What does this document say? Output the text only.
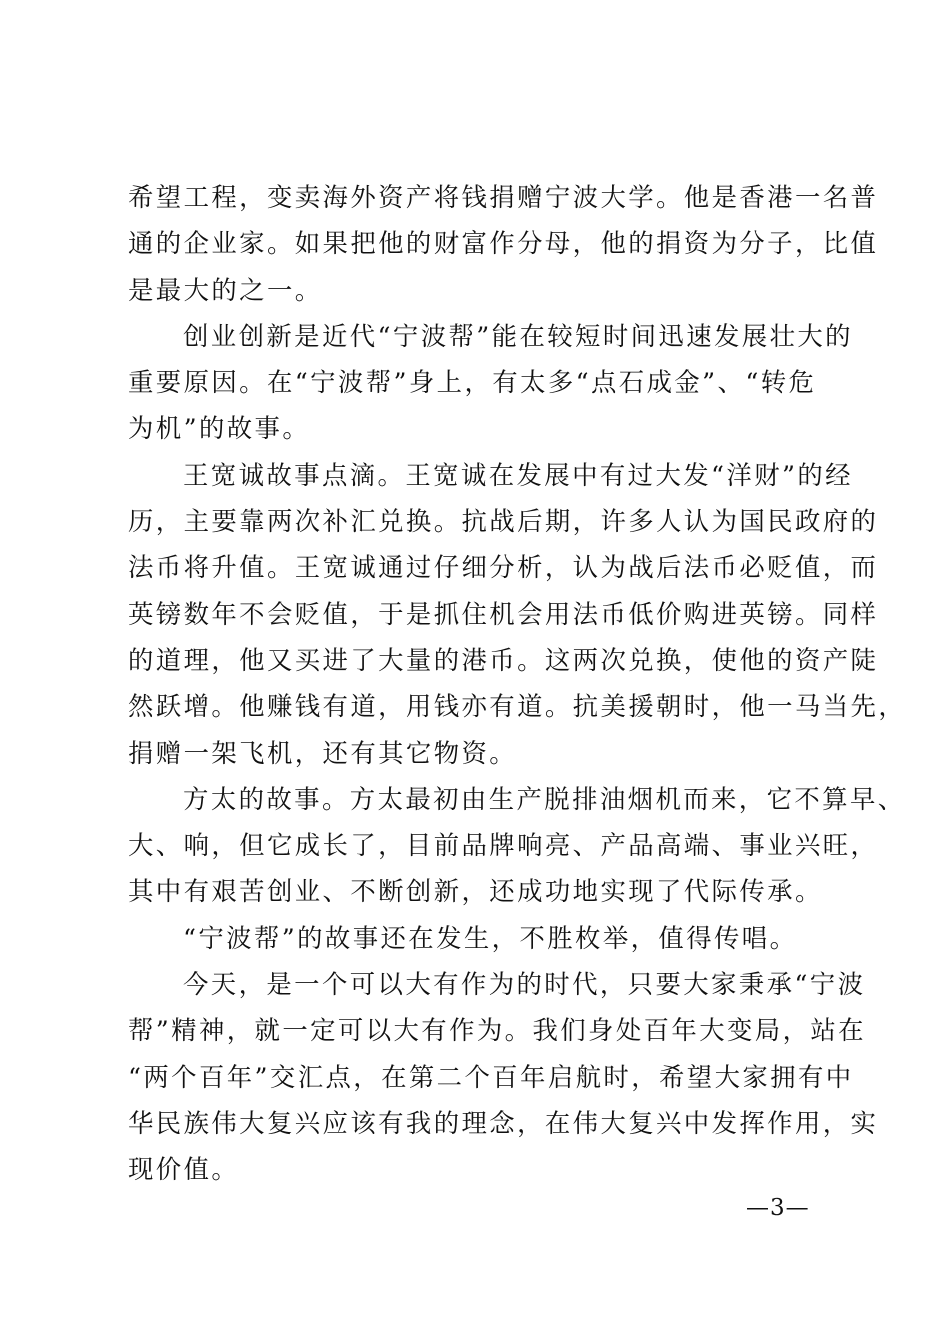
希望工程，变卖海外资产将钱捐赠宁波大学。他是香港一名普
通的企业家。如果把他的财富作分母，他的捐资为分子，比值
是最大的之一。
创业创新是近代“宁波帮”能在较短时间迅速发展壮大的
重要原因。在“宁波帮”身上，有太多“点石成金”、“转危
为机”的故事。
王宽诚故事点滴。王宽诚在发展中有过大发“洋财”的经
历，主要靠两次补汇兑换。抗战后期，许多人认为国民政府的
法币将升值。王宽诚通过仔细分析，认为战后法币必贬值，而
英镑数年不会贬值，于是抓住机会用法币低价购进英镑。同样
的道理，他又买进了大量的港币。这两次兑换，使他的资产陡
然跃增。他赚钱有道，用钱亦有道。抗美援朝时，他一马当先，
捐赠一架飞机，还有其它物资。
方太的故事。方太最初由生产脱排油烟机而来，它不算早、
大、响，但它成长了，目前品牌响亮、产品高端、事业兴旺，
其中有艰苦创业、不断创新，还成功地实现了代际传承。
“宁波帮”的故事还在发生，不胜枚举，值得传唱。
今天，是一个可以大有作为的时代，只要大家秉承“宁波
帮”精神，就一定可以大有作为。我们身处百年大变局，站在
“两个百年”交汇点，在第二个百年启航时，希望大家拥有中
华民族伟大复兴应该有我的理念，在伟大复兴中发挥作用，实
现价值。
—3—
